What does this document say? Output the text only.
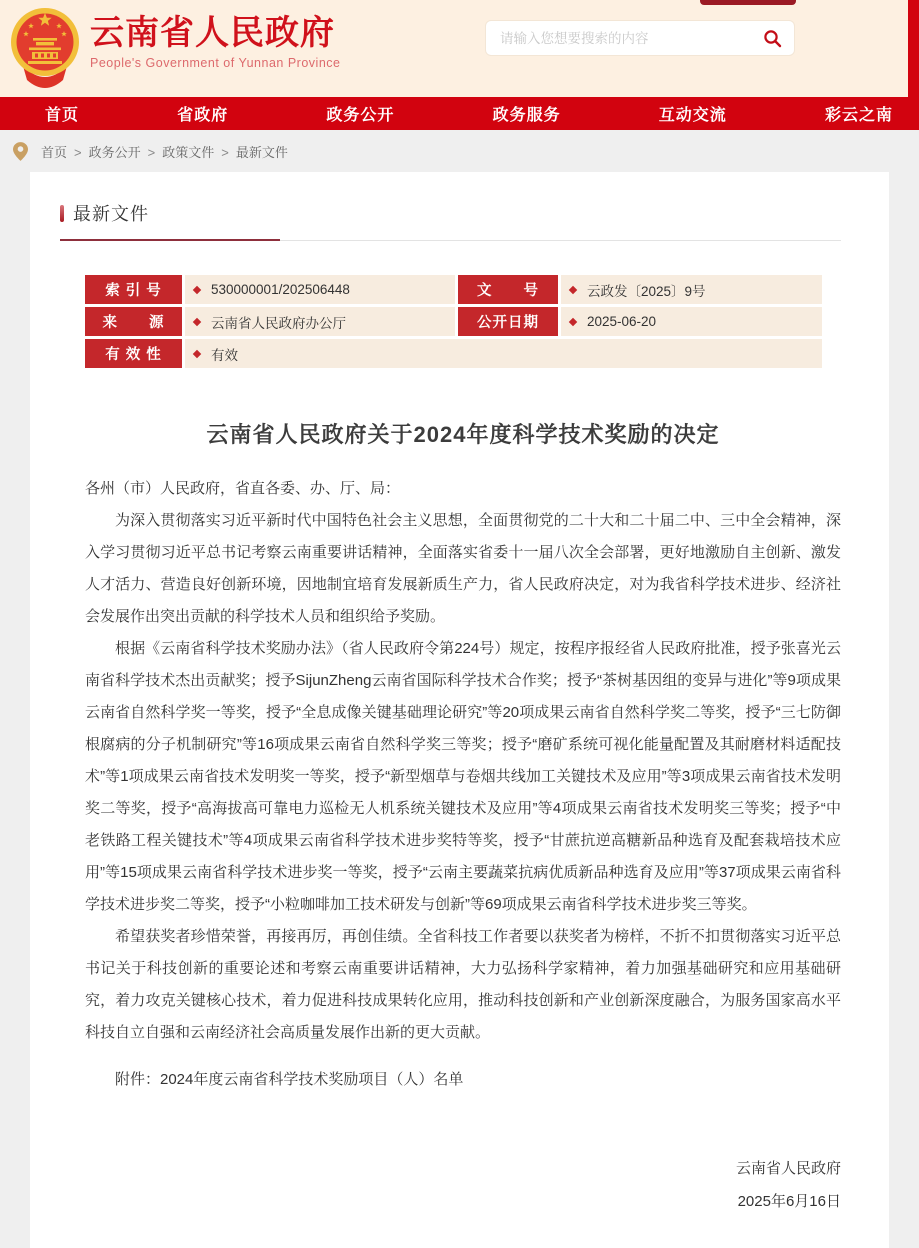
云南省人民政府
People's Government of Yunnan Province
请输入您想要搜索的内容
首页	省政府	政务公开	政务服务	互动交流	彩云之南
首页 > 政务公开 > 政策文件 > 最新文件
最新文件
索 引 号	530000001/202506448	文　　号	云政发〔2025〕9号
来　　源	云南省人民政府办公厅	公开日期	2025-06-20
有 效 性	有效
云南省人民政府关于2024年度科学技术奖励的决定

各州（市）人民政府，省直各委、办、厅、局：

为深入贯彻落实习近平新时代中国特色社会主义思想，全面贯彻党的二十大和二十届二中、三中全会精神，深入学习贯彻习近平总书记考察云南重要讲话精神，全面落实省委十一届八次全会部署，更好地激励自主创新、激发人才活力、营造良好创新环境，因地制宜培育发展新质生产力，省人民政府决定，对为我省科学技术进步、经济社会发展作出突出贡献的科学技术人员和组织给予奖励。

根据《云南省科学技术奖励办法》（省人民政府令第224号）规定，按程序报经省人民政府批准，授予张喜光云南省科学技术杰出贡献奖；授予SijunZheng云南省国际科学技术合作奖；授予“茶树基因组的变异与进化”等9项成果云南省自然科学奖一等奖，授予“全息成像关键基础理论研究”等20项成果云南省自然科学奖二等奖，授予“三七防御根腐病的分子机制研究”等16项成果云南省自然科学奖三等奖；授予“磨矿系统可视化能量配置及其耐磨材料适配技术”等1项成果云南省技术发明奖一等奖，授予“新型烟草与卷烟共线加工关键技术及应用”等3项成果云南省技术发明奖二等奖，授予“高海拔高可靠电力巡检无人机系统关键技术及应用”等4项成果云南省技术发明奖三等奖；授予“中老铁路工程关键技术”等4项成果云南省科学技术进步奖特等奖，授予“甘蔗抗逆高糖新品种选育及配套栽培技术应用”等15项成果云南省科学技术进步奖一等奖，授予“云南主要蔬菜抗病优质新品种选育及应用”等37项成果云南省科学技术进步奖二等奖，授予“小粒咖啡加工技术研发与创新”等69项成果云南省科学技术进步奖三等奖。

希望获奖者珍惜荣誉，再接再厉，再创佳绩。全省科技工作者要以获奖者为榜样，不折不扣贯彻落实习近平总书记关于科技创新的重要论述和考察云南重要讲话精神，大力弘扬科学家精神，着力加强基础研究和应用基础研究，着力攻克关键核心技术，着力促进科技成果转化应用，推动科技创新和产业创新深度融合，为服务国家高水平科技自立自强和云南经济社会高质量发展作出新的更大贡献。

附件：2024年度云南省科学技术奖励项目（人）名单

云南省人民政府
2025年6月16日
